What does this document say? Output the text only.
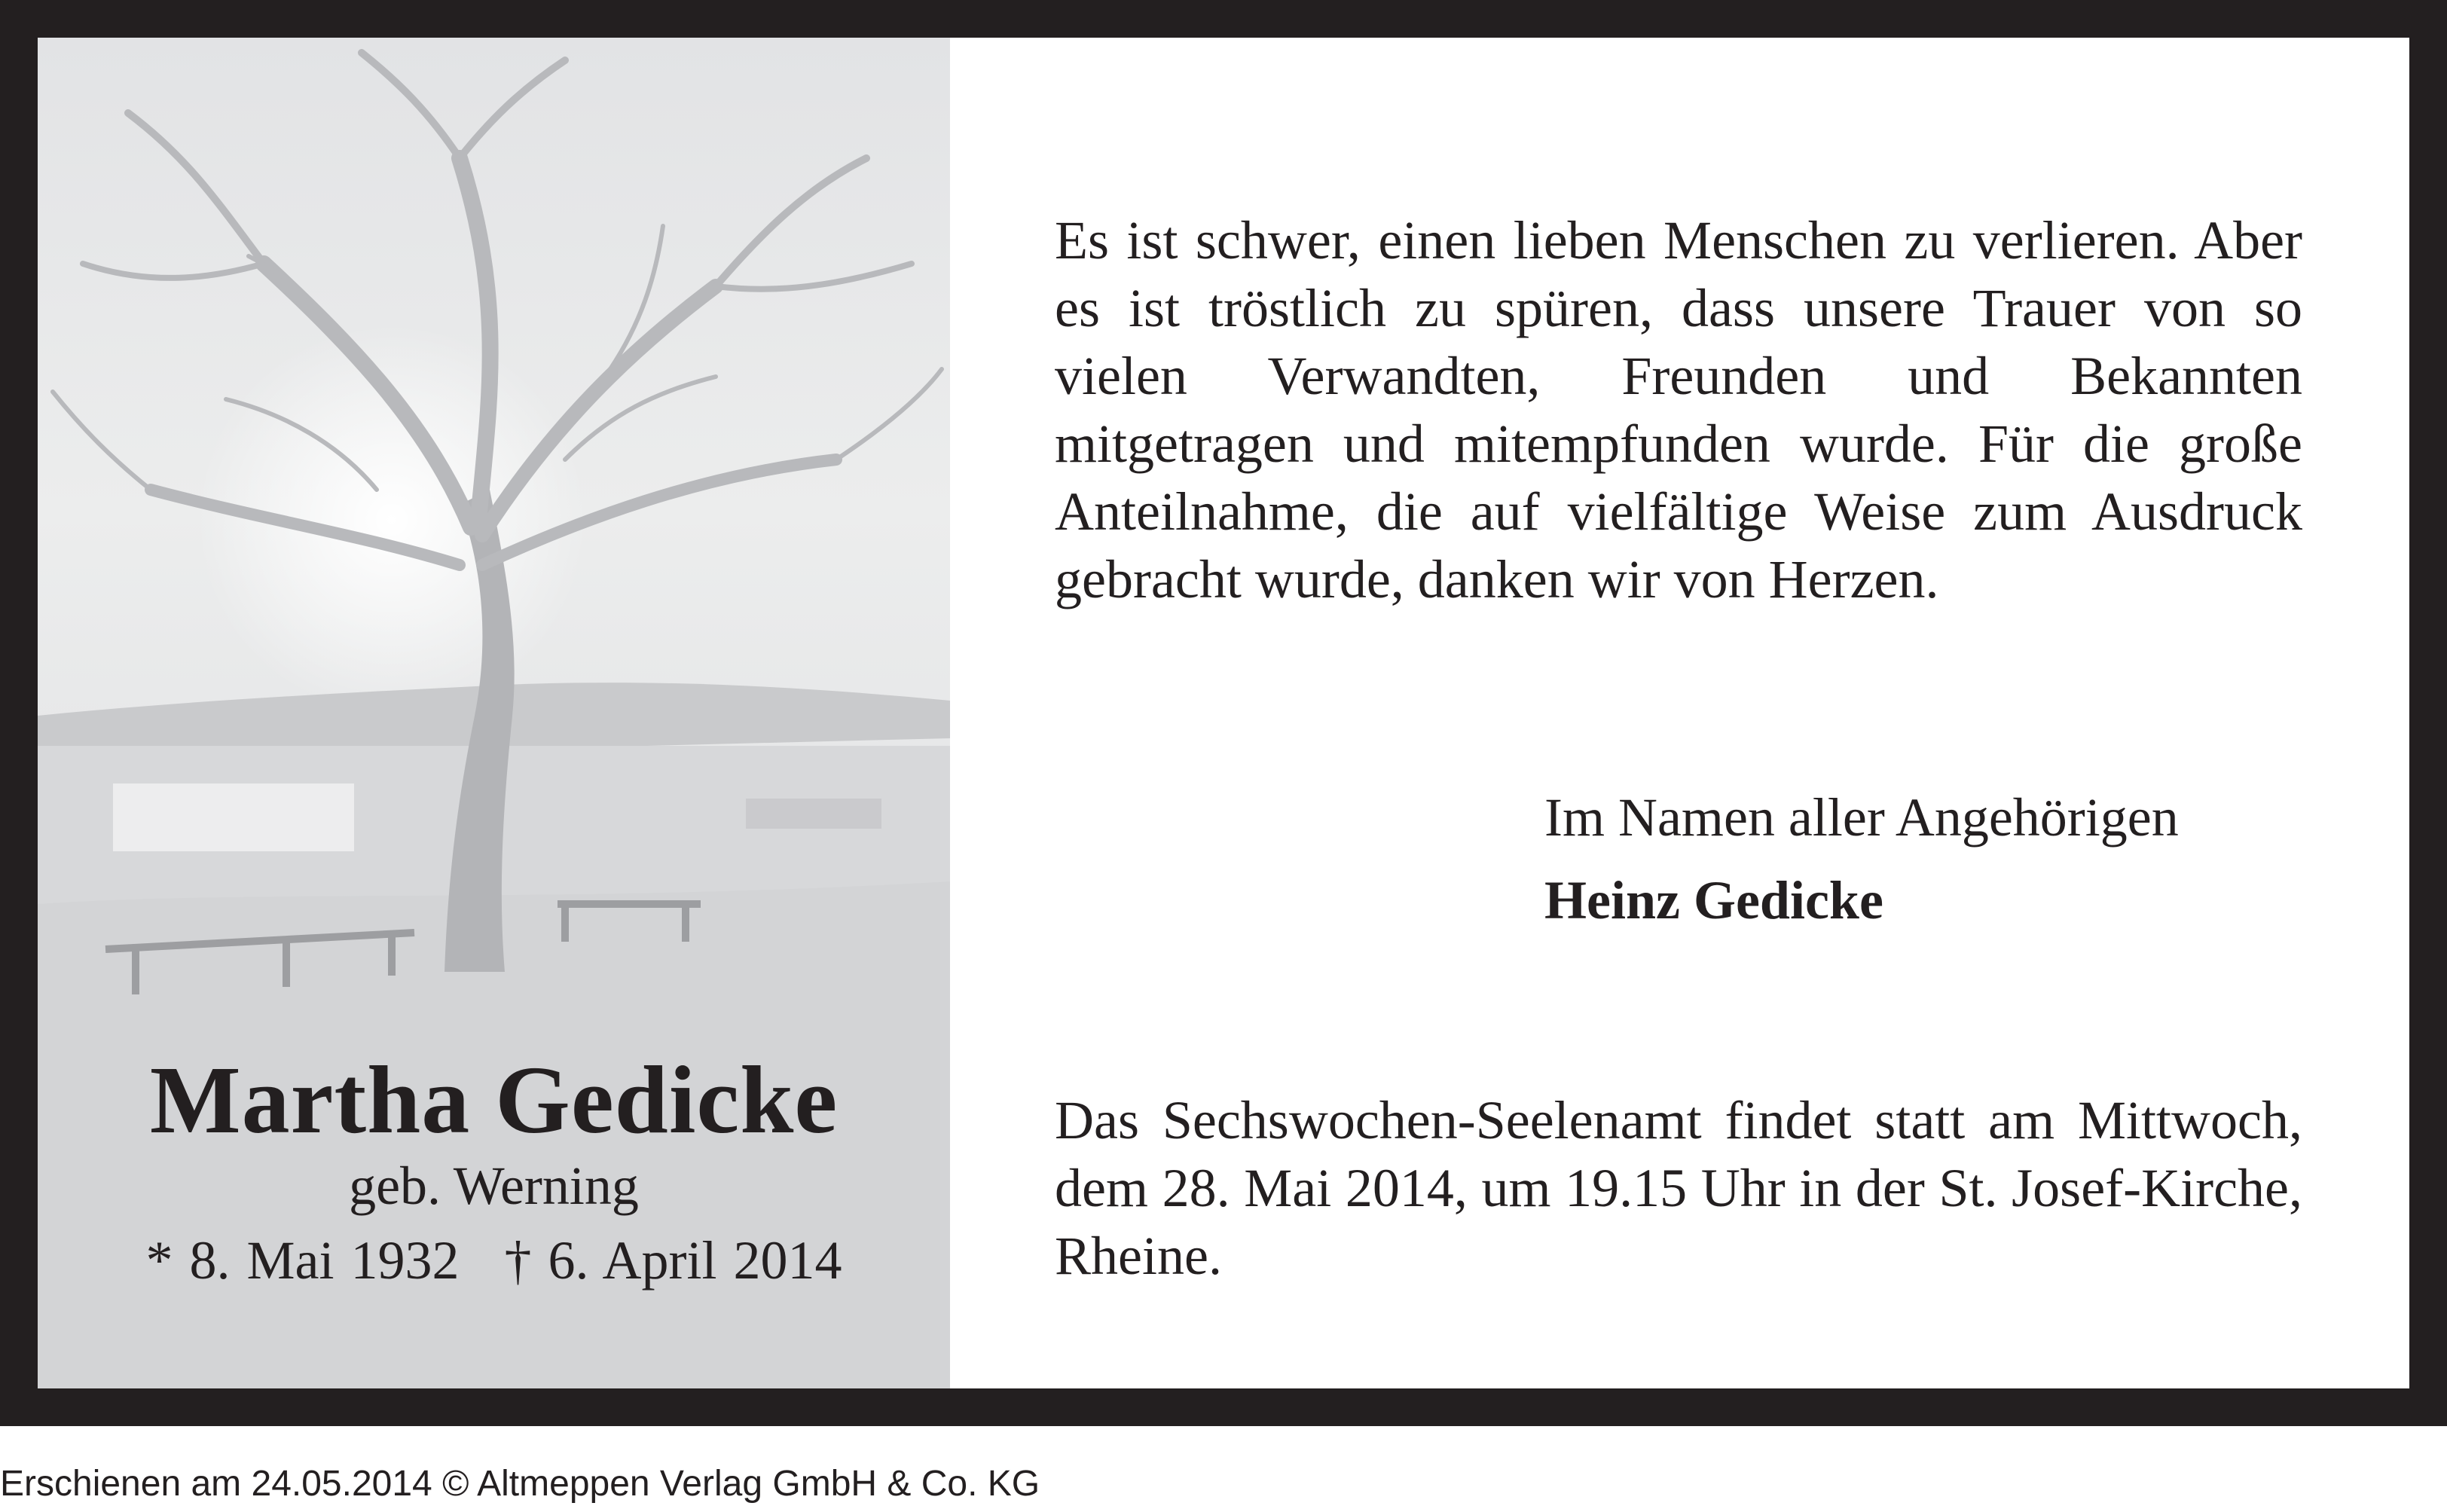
Martha Gedicke
geb. Werning
* 8. Mai 1932 † 6. April 2014
Es ist schwer, einen lieben Menschen zu verlieren. Aber es ist tröstlich zu spüren, dass unsere Trauer von so vielen Verwandten, Freunden und Bekannten mitgetragen und mitempfunden wurde. Für die große Anteilnahme, die auf vielfältige Weise zum Ausdruck gebracht wurde, danken wir von Herzen.
Im Namen aller Angehörigen
Heinz Gedicke
Das Sechswochen-Seelenamt findet statt am Mittwoch, dem 28. Mai 2014, um 19.15 Uhr in der St. Josef-Kirche, Rheine.
Erschienen am 24.05.2014 © Altmeppen Verlag GmbH & Co. KG
